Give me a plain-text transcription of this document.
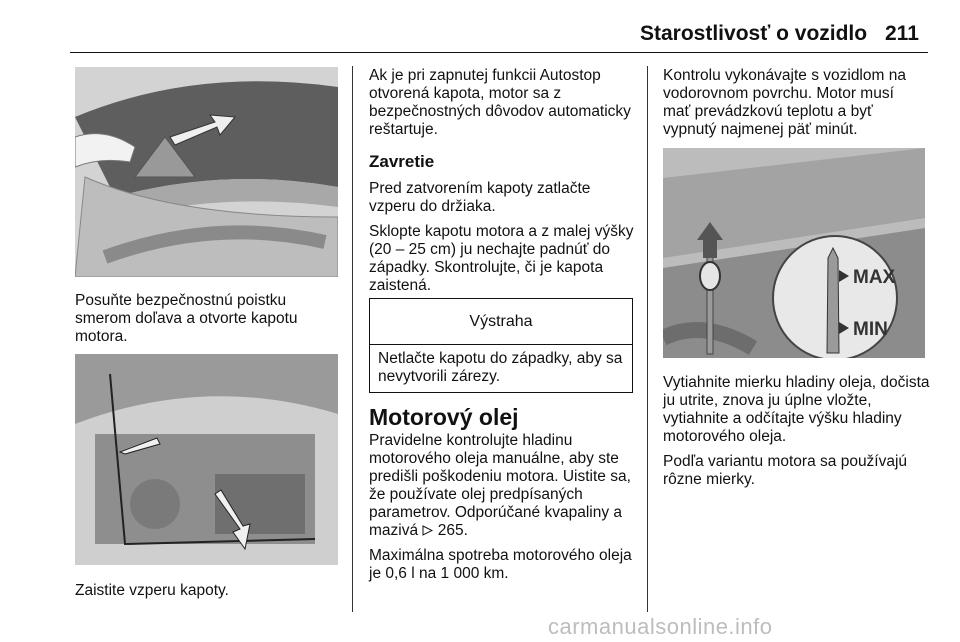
Starostlivosť o vozidlo 211
Posuňte bezpečnostnú poistku smerom doľava a otvorte kapotu motora.
Zaistite vzperu kapoty.
Ak je pri zapnutej funkcii Autostop otvorená kapota, motor sa z bezpečnostných dôvodov automaticky reštartuje.
Zavretie

Pred zatvorením kapoty zatlačte vzperu do držiaka.

Sklopte kapotu motora a z malej výšky (20 – 25 cm) ju nechajte padnúť do západky. Skontrolujte, či je kapota zaistená.

Výstraha
Netlačte kapotu do západky, aby sa nevytvorili zárezy.
Motorový olej

Pravidelne kontrolujte hladinu motorového oleja manuálne, aby ste predišli poškodeniu motora. Uistite sa, že používate olej predpísaných parametrov. Odporúčané kvapaliny a mazivá 265.

Maximálna spotreba motorového oleja je 0,6 l na 1 000 km.

Kontrolu vykonávajte s vozidlom na vodorovnom povrchu. Motor musí mať prevádzkovú teplotu a byť vypnutý najmenej päť minút.
MAX
MIN

Vytiahnite mierku hladiny oleja, dočista ju utrite, znova ju úplne vložte, vytiahnite a odčítajte výšku hladiny motorového oleja.

Podľa variantu motora sa používajú rôzne mierky.

carmanualsonline.info
